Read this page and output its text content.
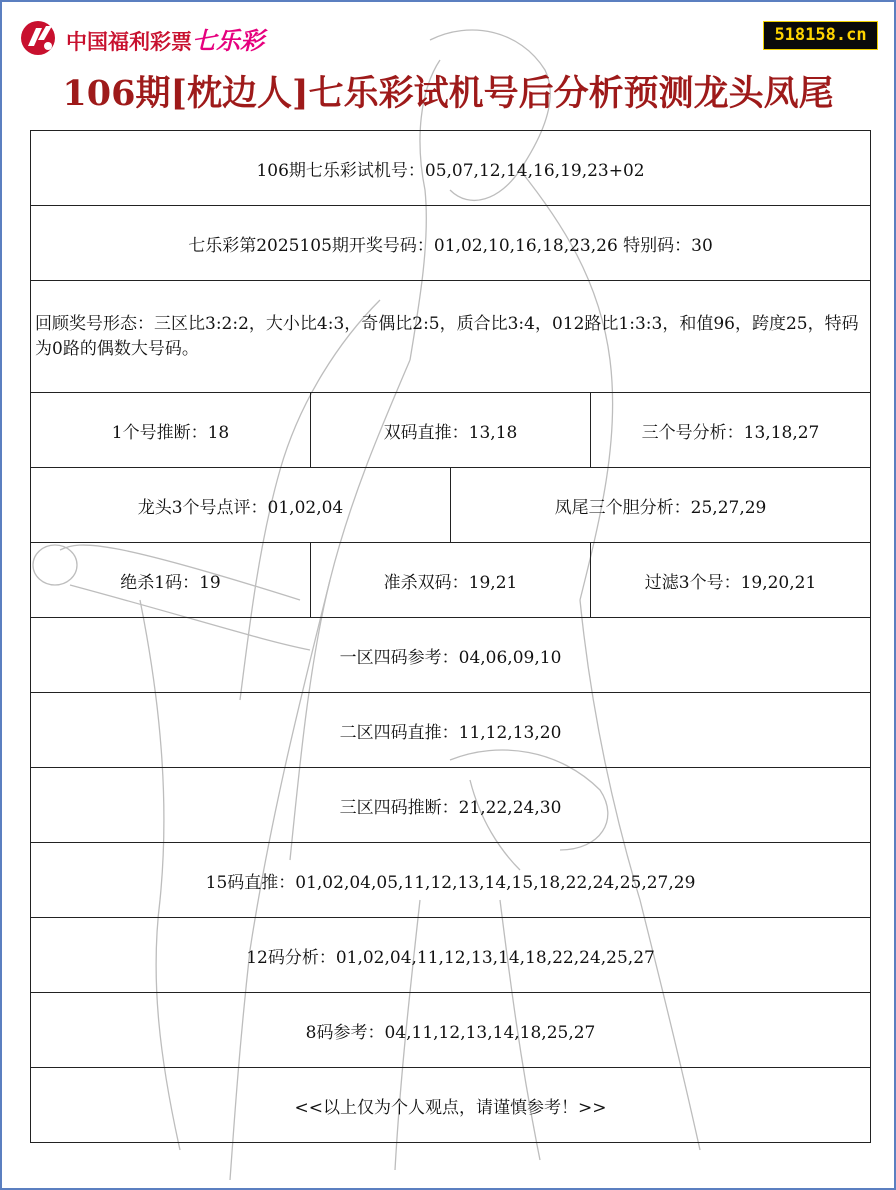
中国福利彩票七乐彩	518158.cn
106期[枕边人]七乐彩试机号后分析预测龙头凤尾
106期七乐彩试机号：05,07,12,14,16,19,23+02			
七乐彩第2025105期开奖号码：01,02,10,16,18,23,26 特别码：30			
回顾奖号形态：三区比3:2:2，大小比4:3，奇偶比2:5，质合比3:4，012路比1:3:3，和值96，跨度25，特码为0路的偶数大号码。			
1个号推断：18	双码直推：13,18		三个号分析：13,18,27
龙头3个号点评：01,02,04		凤尾三个胆分析：25,27,29	
绝杀1码：19	准杀双码：19,21		过滤3个号：19,20,21
一区四码参考：04,06,09,10			
二区四码直推：11,12,13,20			
三区四码推断：21,22,24,30			
15码直推：01,02,04,05,11,12,13,14,15,18,22,24,25,27,29			
12码分析：01,02,04,11,12,13,14,18,22,24,25,27			
8码参考：04,11,12,13,14,18,25,27			
<<以上仅为个人观点，请谨慎参考！>>			
